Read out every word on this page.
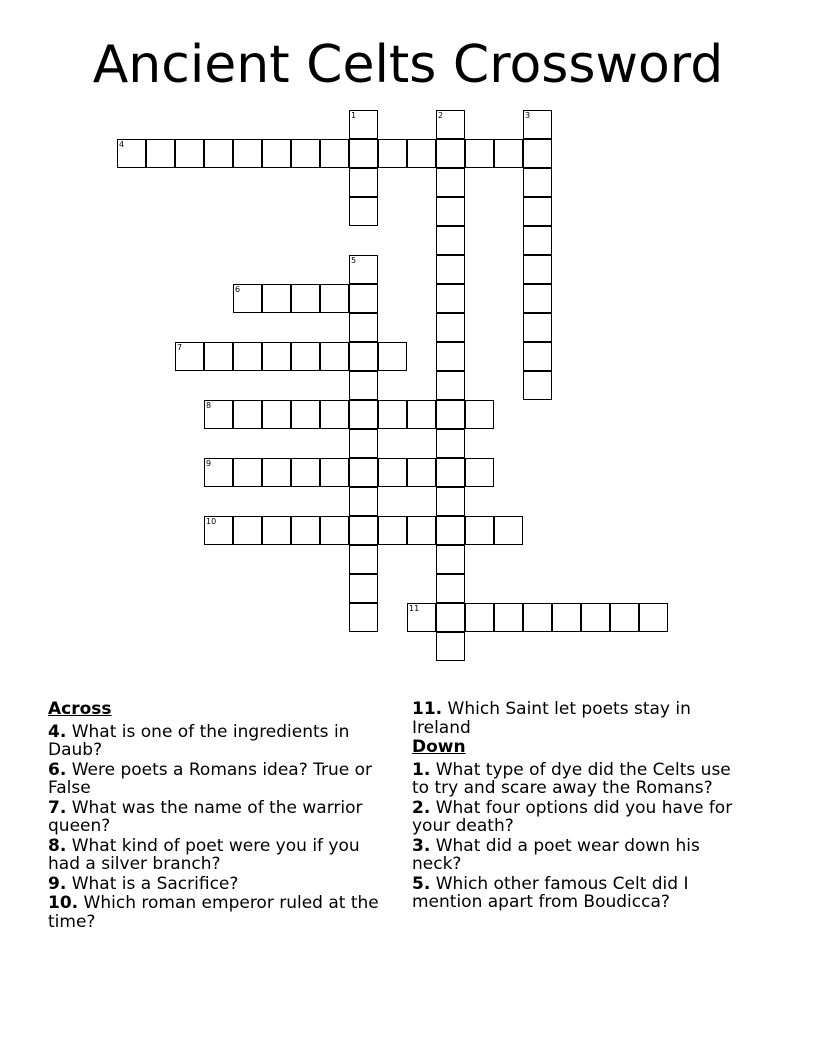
Ancient Celts Crossword
4
6
7
8
9
10
11
1	2	3
5
Across
4. What is one of the ingredients in Daub?
6. Were poets a Romans idea? True or False
7. What was the name of the warrior queen?
8. What kind of poet were you if you had a silver branch?
9. What is a Sacrifice?
10. Which roman emperor ruled at the time?
11. Which Saint let poets stay in Ireland
Down
1. What type of dye did the Celts use to try and scare away the Romans?
2. What four options did you have for your death?
3. What did a poet wear down his neck?
5. Which other famous Celt did I mention apart from Boudicca?
